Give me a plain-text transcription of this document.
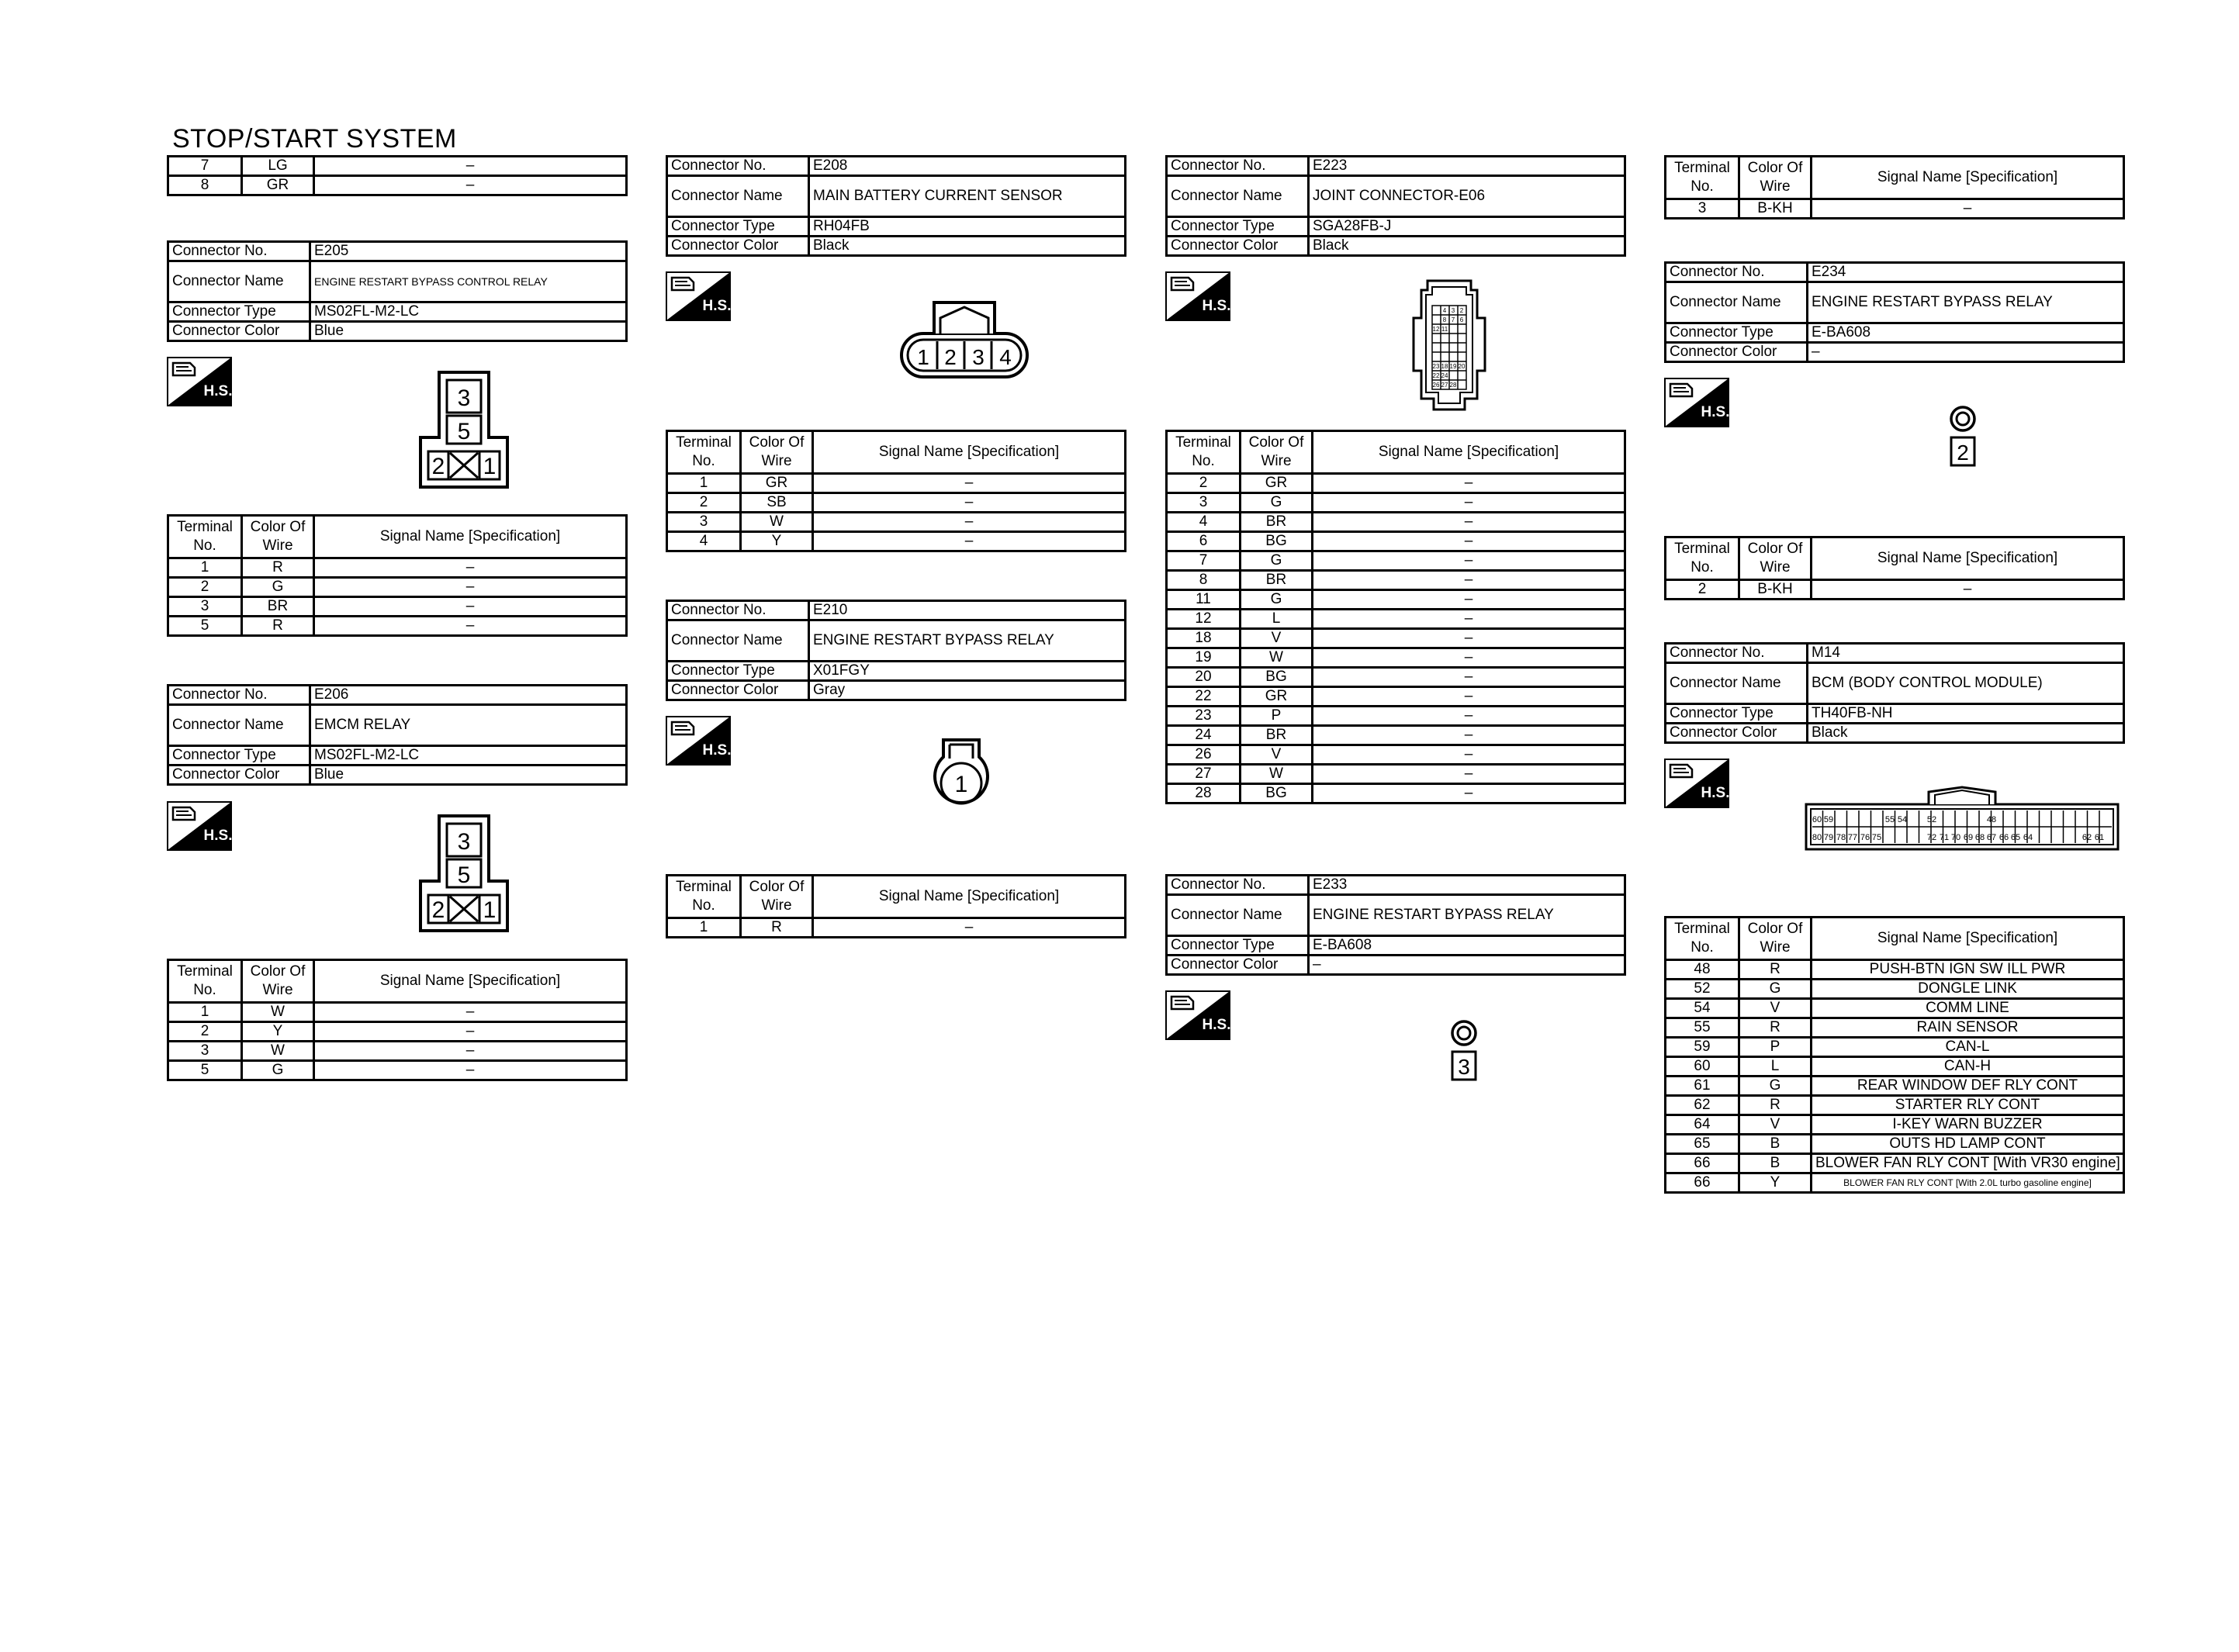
STOP/START SYSTEM
7	LG	–
8	GR	–
Connector No.	E205
Connector Name	ENGINE RESTART BYPASS CONTROL RELAY
Connector Type	MS02FL-M2-LC
Connector Color	Blue
3
5
2 1
Terminal No.	Color Of Wire	Signal Name [Specification]
1	R	–
2	G	–
3	BR	–
5	R	–
Connector No.	E206
Connector Name	EMCM RELAY
Connector Type	MS02FL-M2-LC
Connector Color	Blue
3
5
2 1
Terminal No.	Color Of Wire	Signal Name [Specification]
1	W	–
2	Y	–
3	W	–
5	G	–
Connector No.	E208
Connector Name	MAIN BATTERY CURRENT SENSOR
Connector Type	RH04FB
Connector Color	Black
1 2 3 4
Terminal No.	Color Of Wire	Signal Name [Specification]
1	GR	–
2	SB	–
3	W	–
4	Y	–
Connector No.	E210
Connector Name	ENGINE RESTART BYPASS RELAY
Connector Type	X01FGY
Connector Color	Gray
1
Terminal No.	Color Of Wire	Signal Name [Specification]
1	R	–
Connector No.	E223
Connector Name	JOINT CONNECTOR-E06
Connector Type	SGA28FB-J
Connector Color	Black
4 3 2
8 7 6
12 11
23 18 19 20
22 24
26 27 28
Terminal No.	Color Of Wire	Signal Name [Specification]
2	GR	–
3	G	–
4	BR	–
6	BG	–
7	G	–
8	BR	–
11	G	–
12	L	–
18	V	–
19	W	–
20	BG	–
22	GR	–
23	P	–
24	BR	–
26	V	–
27	W	–
28	BG	–
Connector No.	E233
Connector Name	ENGINE RESTART BYPASS RELAY
Connector Type	E-BA608
Connector Color	–
3
Terminal No.	Color Of Wire	Signal Name [Specification]
3	B-KH	–
Connector No.	E234
Connector Name	ENGINE RESTART BYPASS RELAY
Connector Type	E-BA608
Connector Color	–
2
Terminal No.	Color Of Wire	Signal Name [Specification]
2	B-KH	–
Connector No.	M14
Connector Name	BCM (BODY CONTROL MODULE)
Connector Type	TH40FB-NH
Connector Color	Black
60 59	55 54 52	48
80 79 78 77 76 75	72 71 70 69 68 67 66 65 64	62 61
Terminal No.	Color Of Wire	Signal Name [Specification]
48	R	PUSH-BTN IGN SW ILL PWR
52	G	DONGLE LINK
54	V	COMM LINE
55	R	RAIN SENSOR
59	P	CAN-L
60	L	CAN-H
61	G	REAR WINDOW DEF RLY CONT
62	R	STARTER RLY CONT
64	V	I-KEY WARN BUZZER
65	B	OUTS HD LAMP CONT
66	B	BLOWER FAN RLY CONT [With VR30 engine]
66	Y	BLOWER FAN RLY CONT [With 2.0L turbo gasoline engine]
